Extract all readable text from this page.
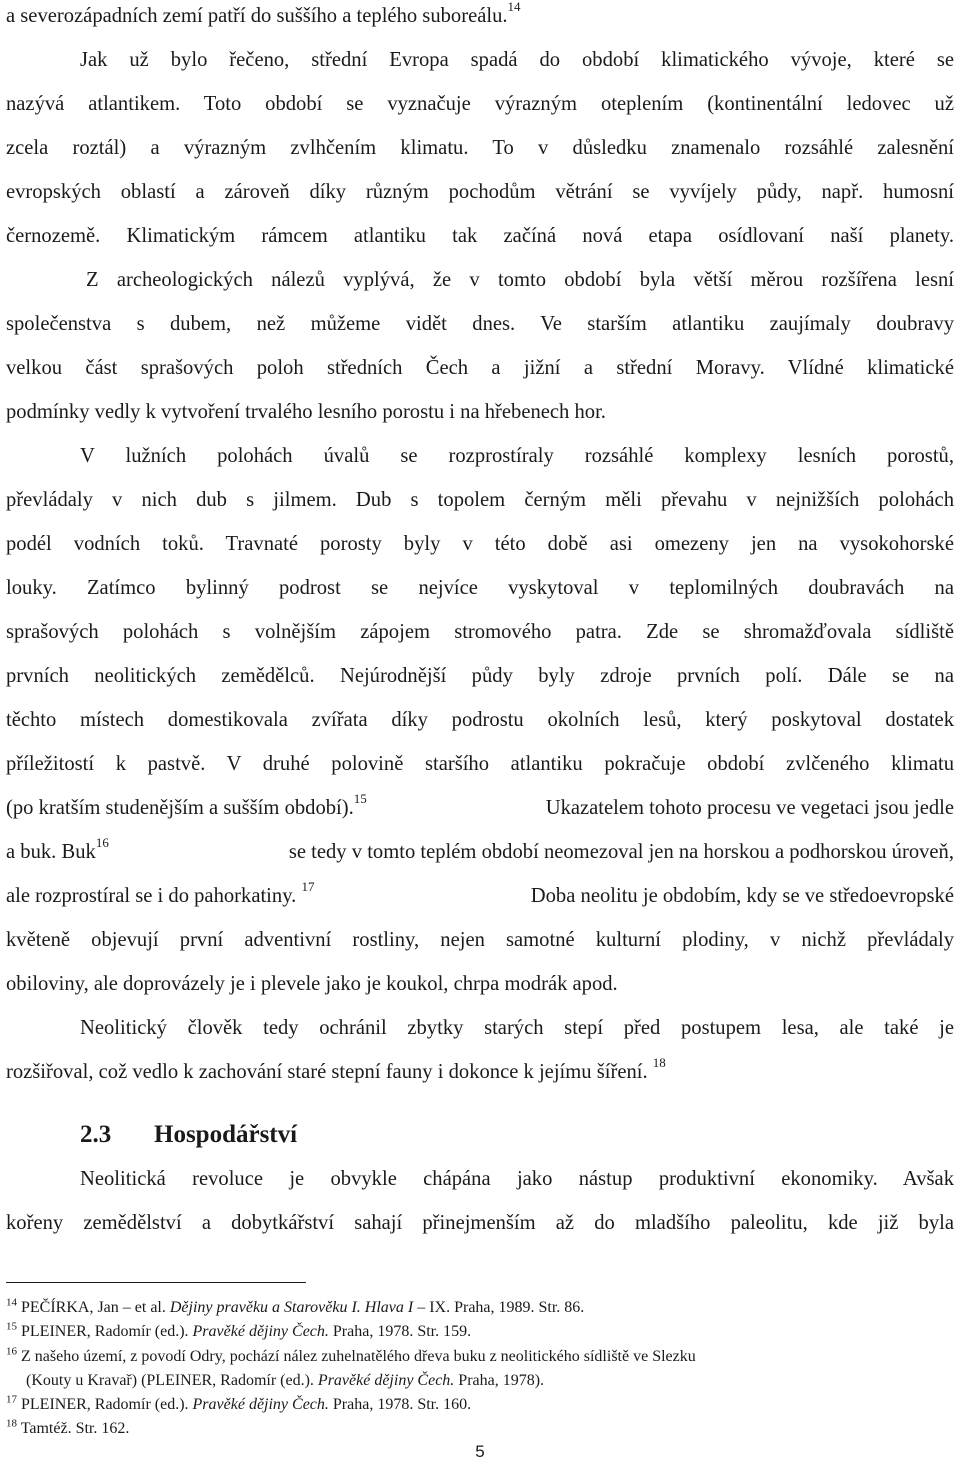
a severozápadních zemí patří do suššího a teplého suboreálu.$^{14}$
Jak už bylo řečeno, střední Evropa spadá do období klimatického vývoje, které se
nazývá atlantikem. Toto období se vyznačuje výrazným oteplením (kontinentální ledovec už
zcela roztál) a výrazným zvlhčením klimatu. To v důsledku znamenalo rozsáhlé zalesnění
evropských oblastí a zároveň díky různým pochodům větrání se vyvíjely půdy, např. humosní
černozemě. Klimatickým rámcem atlantiku tak začíná nová etapa osídlovaní naší planety.
Z archeologických nálezů vyplývá, že v tomto období byla větší měrou rozšířena lesní
společenstva s dubem, než můžeme vidět dnes. Ve starším atlantiku zaujímaly doubravy
velkou část sprašových poloh středních Čech a jižní a střední Moravy. Vlídné klimatické
podmínky vedly k vytvoření trvalého lesního porostu i na hřebenech hor.
V lužních polohách úvalů se rozprostíraly rozsáhlé komplexy lesních porostů,
převládaly v nich dub s jilmem. Dub s topolem černým měli převahu v nejnižších polohách
podél vodních toků. Travnaté porosty byly v této době asi omezeny jen na vysokohorské
louky. Zatímco bylinný podrost se nejvíce vyskytoval v teplomilných doubravách na
sprašových polohách s volnějším zápojem stromového patra. Zde se shromažďovala sídliště
prvních neolitických zemědělců. Nejúrodnější půdy byly zdroje prvních polí. Dále se na
těchto místech domestikovala zvířata díky podrostu okolních lesů, který poskytoval dostatek
příležitostí k pastvě. V druhé polovině staršího atlantiku pokračuje období zvlčeného klimatu
(po kratším studenějším a sušším období).$^{15}$	Ukazatelem tohoto procesu ve vegetaci jsou jedle
a buk. Buk$^{16}$	se tedy v tomto teplém období neomezoval jen na horskou a podhorskou úroveň,
ale rozprostíral se i do pahorkatiny. $^{17}$	Doba neolitu je obdobím, kdy se ve středoevropské
květeně objevují první adventivní rostliny, nejen samotné kulturní plodiny, v nichž převládaly
obiloviny, ale doprovázely je i plevele jako je koukol, chrpa modrák apod.
Neolitický člověk tedy ochránil zbytky starých stepí před postupem lesa, ale také je
rozšiřoval, což vedlo k zachování staré stepní fauny i dokonce k jejímu šíření. $^{18}$
2.3 Hospodářství
Neolitická revoluce je obvykle chápána jako nástup produktivní ekonomiky. Avšak
kořeny zemědělství a dobytkářství sahají přinejmenším až do mladšího paleolitu, kde již byla
$^{14}$ PEČÍRKA, Jan – et al. Dějiny pravěku a Starověku I. Hlava I – IX. Praha, 1989. Str. 86.
$^{15}$ PLEINER, Radomír (ed.). Pravěké dějiny Čech. Praha, 1978. Str. 159.
$^{16}$ Z našeho území, z povodí Odry, pochází nález zuhelnatělého dřeva buku z neolitického sídliště ve Slezku
(Kouty u Kravař) (PLEINER, Radomír (ed.). Pravěké dějiny Čech. Praha, 1978).
$^{17}$ PLEINER, Radomír (ed.). Pravěké dějiny Čech. Praha, 1978. Str. 160.
$^{18}$ Tamtéž. Str. 162.
5
